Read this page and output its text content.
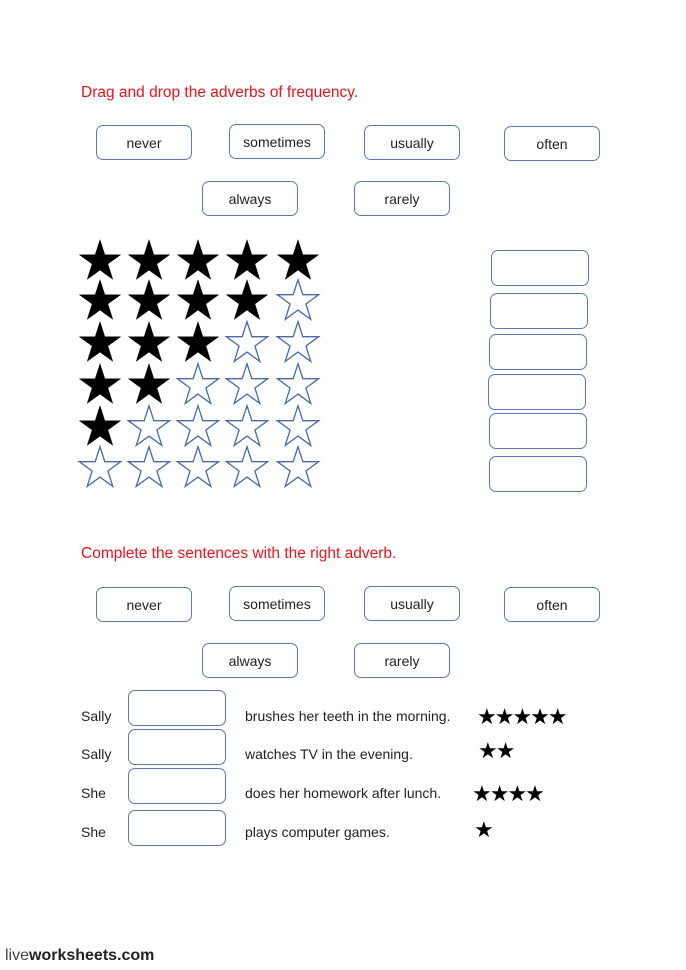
Drag and drop the adverbs of frequency.
never	sometimes	usually	often
always	rarely
Complete the sentences with the right adverb.
never	sometimes	usually	often
always	rarely
Sally	brushes her teeth in the morning. ★★★★★
Sally	watches TV in the evening.	★★
She	does her homework after lunch. ★★★★
She	plays computer games.	★
liveworksheets.com
